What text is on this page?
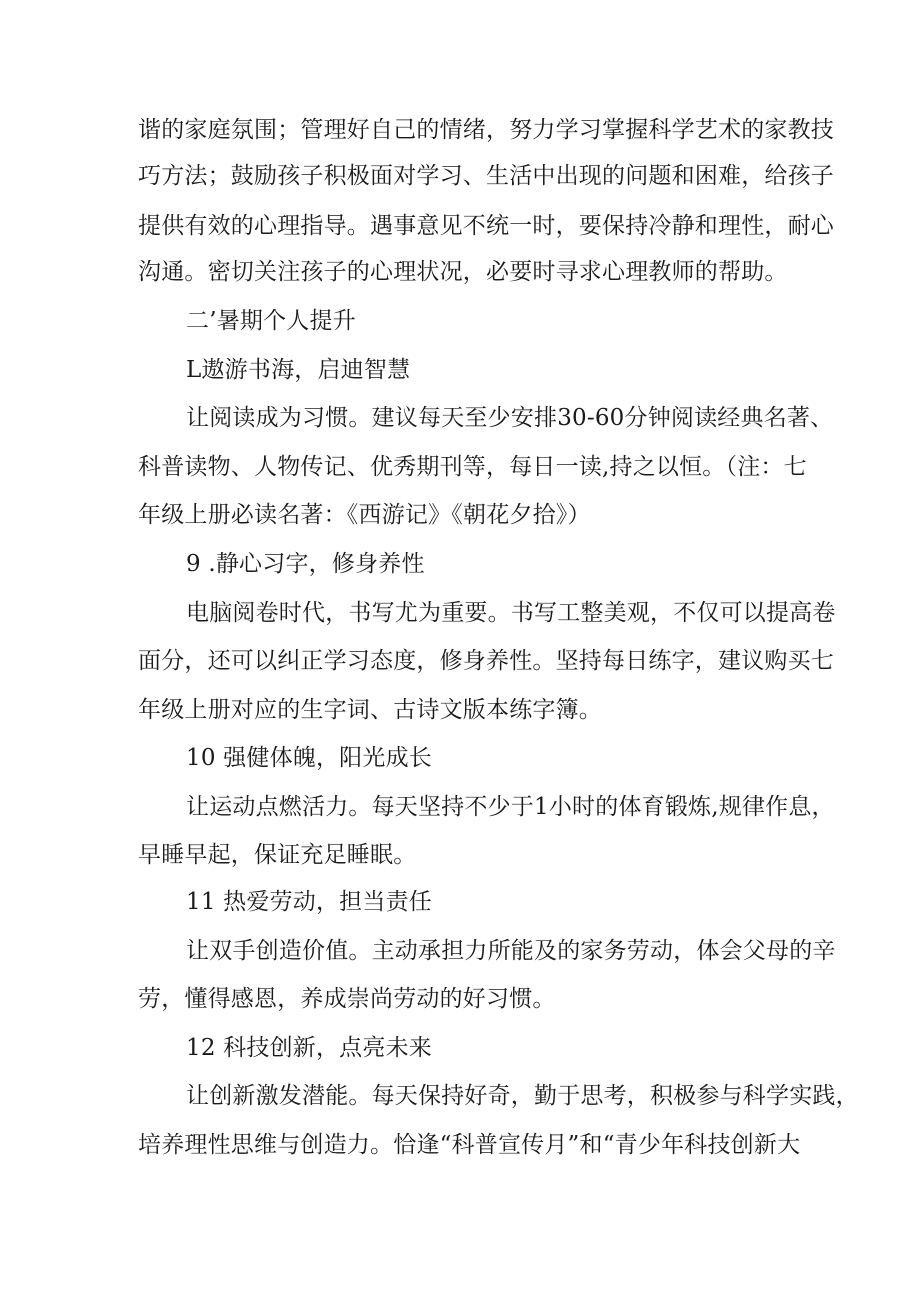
谐的家庭氛围；管理好自己的情绪，努力学习掌握科学艺术的家教技
巧方法；鼓励孩子积极面对学习、生活中出现的问题和困难，给孩子
提供有效的心理指导。遇事意见不统一时，要保持冷静和理性，耐心
沟通。密切关注孩子的心理状况，必要时寻求心理教师的帮助。
二’暑期个人提升
L遨游书海，启迪智慧
让阅读成为习惯。建议每天至少安排30-60分钟阅读经典名著、
科普读物、人物传记、优秀期刊等，每日一读,持之以恒。（注：七
年级上册必读名著：《西游记》《朝花夕拾》）
9 .静心习字，修身养性
电脑阅卷时代，书写尤为重要。书写工整美观，不仅可以提高卷
面分，还可以纠正学习态度，修身养性。坚持每日练字，建议购买七
年级上册对应的生字词、古诗文版本练字簿。
10 强健体魄，阳光成长
让运动点燃活力。每天坚持不少于1小时的体育锻炼,规律作息，
早睡早起，保证充足睡眠。
11 热爱劳动，担当责任
让双手创造价值。主动承担力所能及的家务劳动，体会父母的辛
劳，懂得感恩，养成崇尚劳动的好习惯。
12 科技创新，点亮未来
让创新激发潜能。每天保持好奇，勤于思考，积极参与科学实践，
培养理性思维与创造力。恰逢“科普宣传月”和“青少年科技创新大
